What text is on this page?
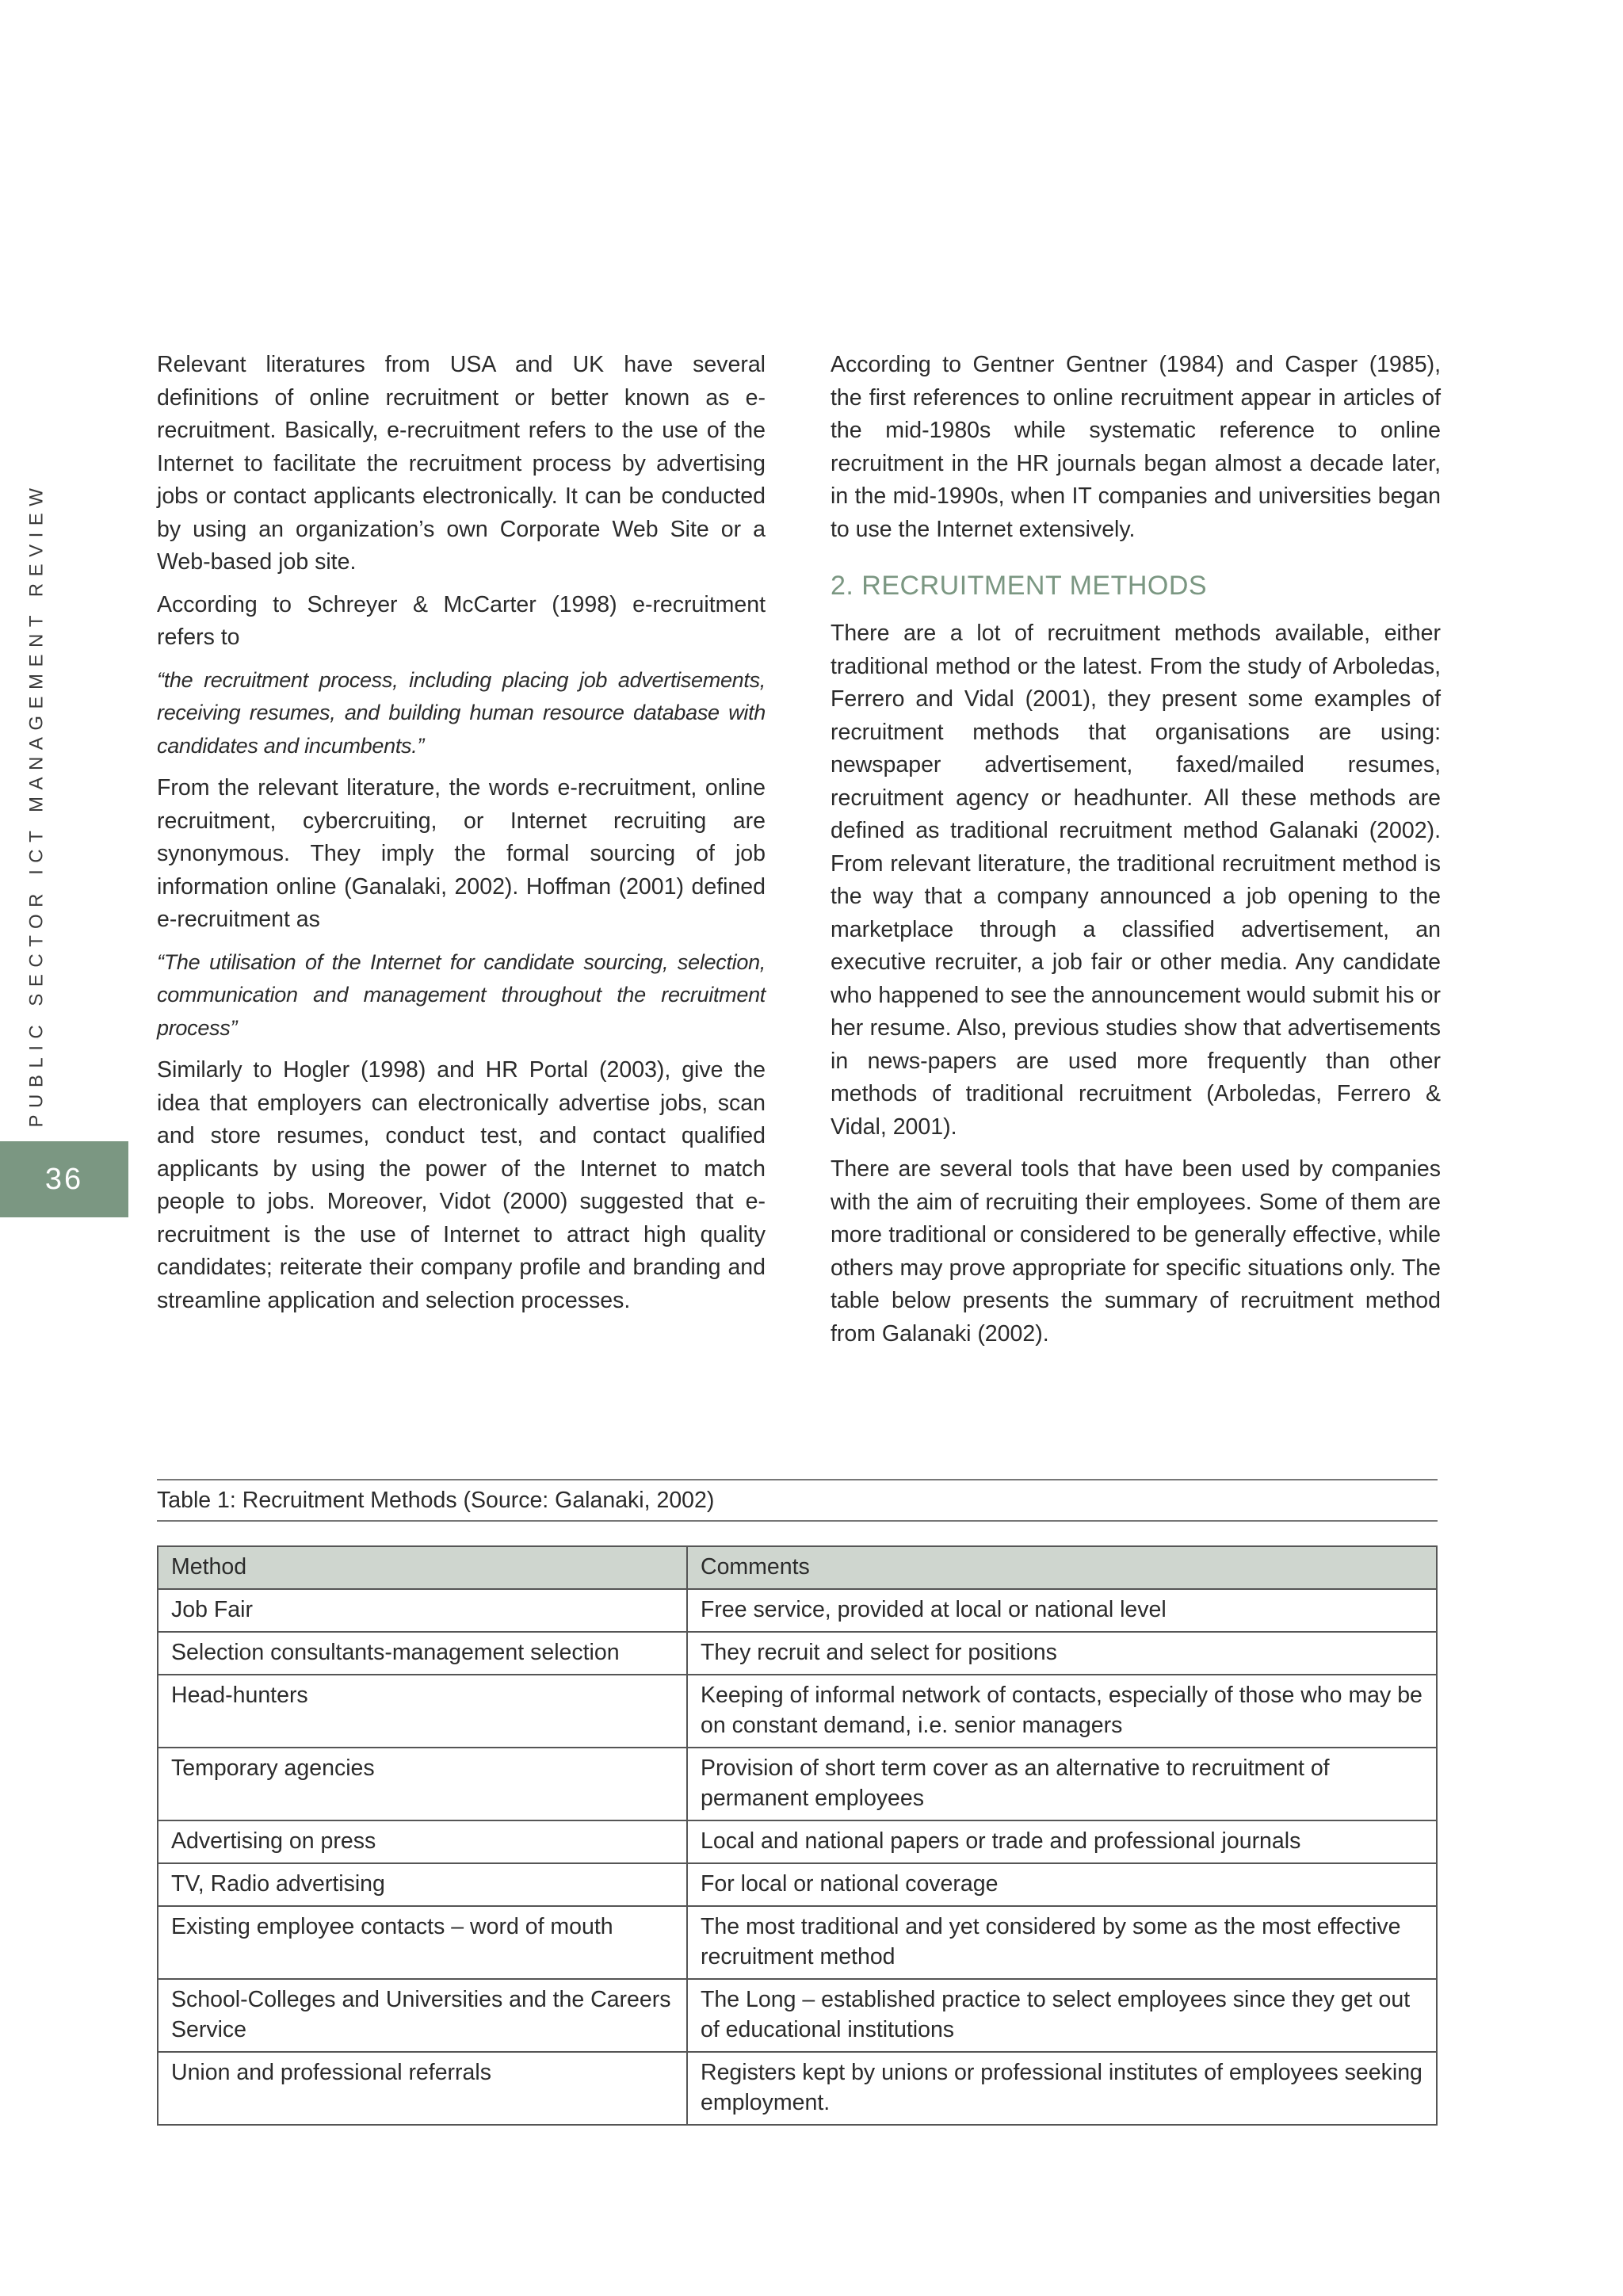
PUBLIC SECTOR ICT MANAGEMENT REVIEW
36

Relevant literatures from USA and UK have several definitions of online recruitment or better known as e-recruitment. Basically, e-recruitment refers to the use of the Internet to facilitate the recruitment process by advertising jobs or contact applicants electronically. It can be conducted by using an organization’s own Corporate Web Site or a Web-based job site.

According to Schreyer & McCarter (1998) e-recruitment refers to

“the recruitment process, including placing job advertisements, receiving resumes, and building human resource database with candidates and incumbents.”

From the relevant literature, the words e-recruitment, online recruitment, cybercruiting, or Internet recruiting are synonymous. They imply the formal sourcing of job information online (Ganalaki, 2002). Hoffman (2001) defined e-recruitment as

“The utilisation of the Internet for candidate sourcing, selection, communication and management throughout the recruitment process”

Similarly to Hogler (1998) and HR Portal (2003), give the idea that employers can electronically advertise jobs, scan and store resumes, conduct test, and contact qualified applicants by using the power of the Internet to match people to jobs. Moreover, Vidot (2000) suggested that e-recruitment is the use of Internet to attract high quality candidates; reiterate their company profile and branding and streamline application and selection processes.

According to Gentner Gentner (1984) and Casper (1985), the first references to online recruitment appear in articles of the mid-1980s while systematic reference to online recruitment in the HR journals began almost a decade later, in the mid-1990s, when IT companies and universities began to use the Internet extensively.

2. RECRUITMENT METHODS

There are a lot of recruitment methods available, either traditional method or the latest. From the study of Arboledas, Ferrero and Vidal (2001), they present some examples of recruitment methods that organisations are using: newspaper advertisement, faxed/mailed resumes, recruitment agency or headhunter. All these methods are defined as traditional recruitment method Galanaki (2002). From relevant literature, the traditional recruitment method is the way that a company announced a job opening to the marketplace through a classified advertisement, an executive recruiter, a job fair or other media. Any candidate who happened to see the announcement would submit his or her resume. Also, previous studies show that advertisements in news-papers are used more frequently than other methods of traditional recruitment (Arboledas, Ferrero & Vidal, 2001).

There are several tools that have been used by companies with the aim of recruiting their employees. Some of them are more traditional or considered to be generally effective, while others may prove appropriate for specific situations only. The table below presents the summary of recruitment method from Galanaki (2002).

Table 1: Recruitment Methods (Source: Galanaki, 2002)
Method	Comments
Job Fair	Free service, provided at local or national level
Selection consultants-management selection	They recruit and select for positions
Head-hunters	Keeping of informal network of contacts, especially of those who may be on constant demand, i.e. senior managers
Temporary agencies	Provision of short term cover as an alternative to recruitment of permanent employees
Advertising on press	Local and national papers or trade and professional journals
TV, Radio advertising	For local or national coverage
Existing employee contacts – word of mouth	The most traditional and yet considered by some as the most effective recruitment method
School-Colleges and Universities and the Careers Service	The Long – established practice to select employees since they get out of educational institutions
Union and professional referrals	Registers kept by unions or professional institutes of employees seeking employment.
